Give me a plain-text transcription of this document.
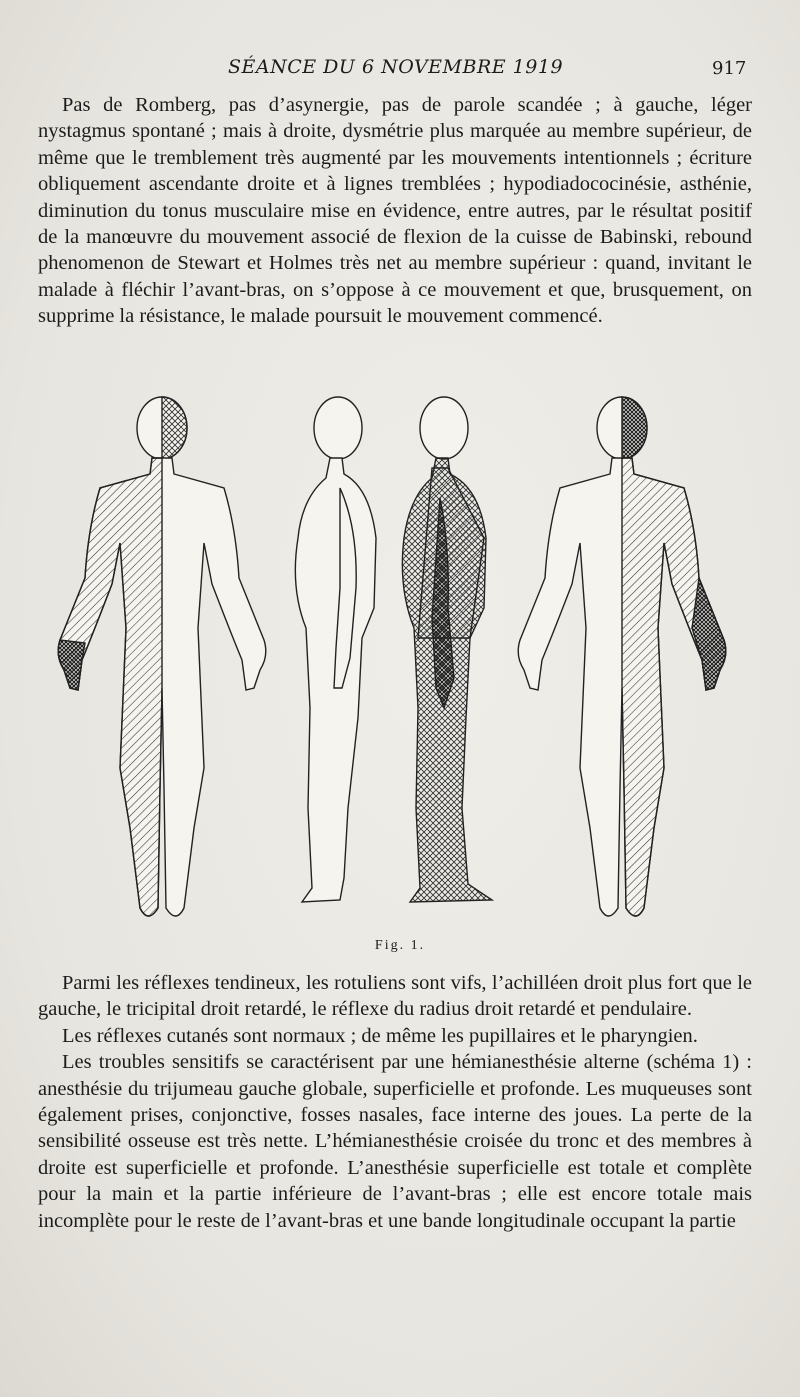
SÉANCE DU 6 NOVEMBRE 1919	917

Pas de Romberg, pas d’asynergie, pas de parole scandée ; à gauche, léger nystagmus spontané ; mais à droite, dysmétrie plus marquée au membre supérieur, de même que le tremblement très augmenté par les mouvements intentionnels ; écriture obliquement ascendante droite et à lignes tremblées ; hypodiadococinésie, asthénie, diminution du tonus musculaire mise en évidence, entre autres, par le résultat positif de la manœuvre du mouvement associé de flexion de la cuisse de Babinski, rebound phenomenon de Stewart et Holmes très net au membre supérieur : quand, invitant le malade à fléchir l’avant-bras, on s’oppose à ce mouvement et que, brusquement, on supprime la résistance, le malade poursuit le mouvement commencé.

Fig. 1.

Parmi les réflexes tendineux, les rotuliens sont vifs, l’achilléen droit plus fort que le gauche, le tricipital droit retardé, le réflexe du radius droit retardé et pendulaire.

Les réflexes cutanés sont normaux ; de même les pupillaires et le pharyngien.

Les troubles sensitifs se caractérisent par une hémianesthésie alterne (schéma 1) : anesthésie du trijumeau gauche globale, superficielle et profonde. Les muqueuses sont également prises, conjonctive, fosses nasales, face interne des joues. La perte de la sensibilité osseuse est très nette. L’hémianesthésie croisée du tronc et des membres à droite est superficielle et profonde. L’anesthésie superficielle est totale et complète pour la main et la partie inférieure de l’avant-bras ; elle est encore totale mais incomplète pour le reste de l’avant-bras et une bande longitudinale occupant la partie
